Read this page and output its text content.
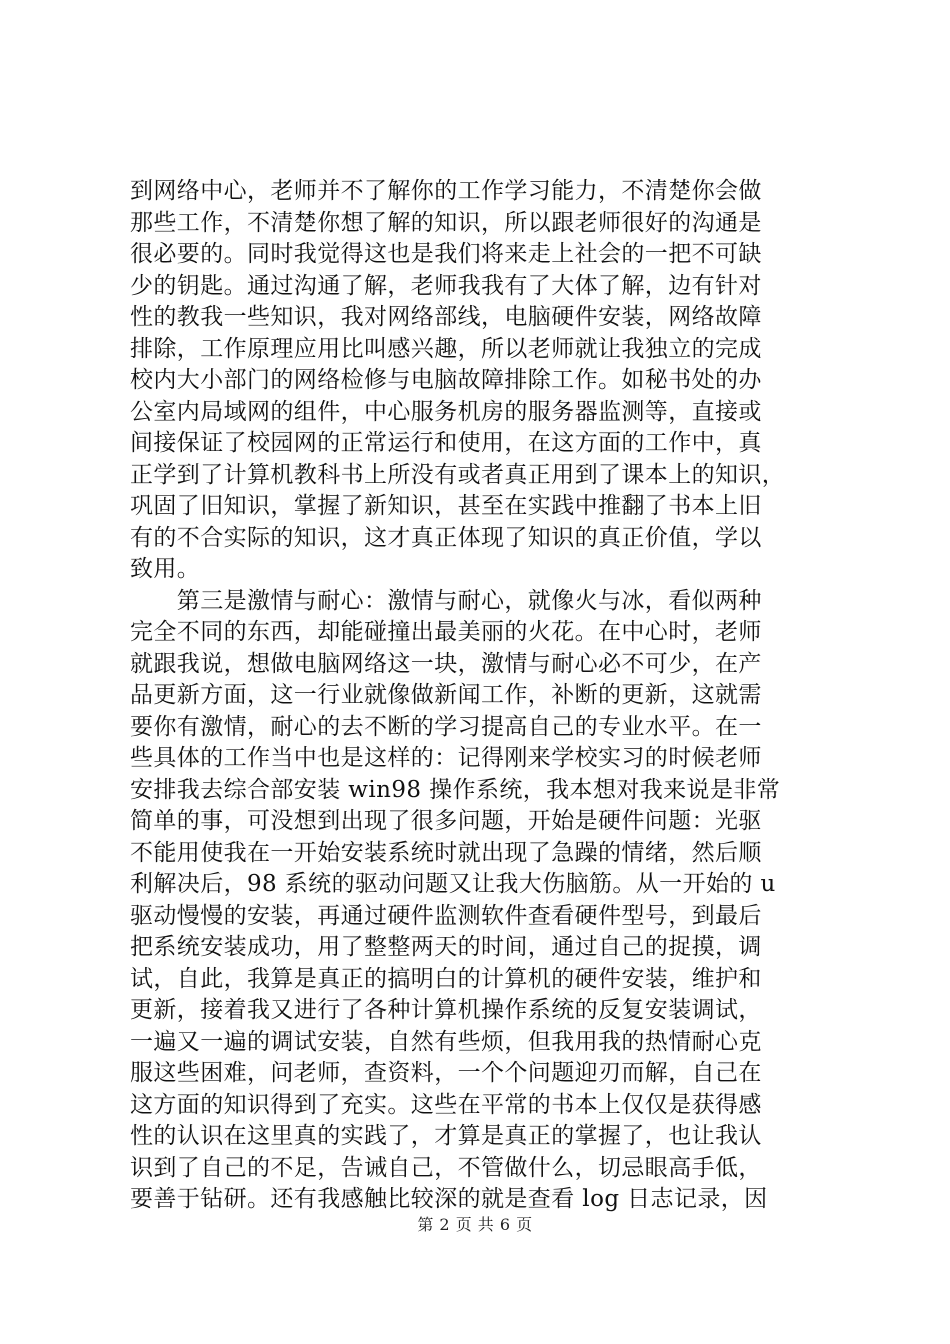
到网络中心，老师并不了解你的工作学习能力，不清楚你会做
那些工作，不清楚你想了解的知识，所以跟老师很好的沟通是
很必要的。同时我觉得这也是我们将来走上社会的一把不可缺
少的钥匙。通过沟通了解，老师我我有了大体了解，边有针对
性的教我一些知识，我对网络部线，电脑硬件安装，网络故障
排除，工作原理应用比叫感兴趣，所以老师就让我独立的完成
校内大小部门的网络检修与电脑故障排除工作。如秘书处的办
公室内局域网的组件，中心服务机房的服务器监测等，直接或
间接保证了校园网的正常运行和使用，在这方面的工作中，真
正学到了计算机教科书上所没有或者真正用到了课本上的知识，
巩固了旧知识，掌握了新知识，甚至在实践中推翻了书本上旧
有的不合实际的知识，这才真正体现了知识的真正价值，学以
致用。
　　第三是激情与耐心：激情与耐心，就像火与冰，看似两种
完全不同的东西，却能碰撞出最美丽的火花。在中心时，老师
就跟我说，想做电脑网络这一块，激情与耐心必不可少，在产
品更新方面，这一行业就像做新闻工作，补断的更新，这就需
要你有激情，耐心的去不断的学习提高自己的专业水平。在一
些具体的工作当中也是这样的：记得刚来学校实习的时候老师
安排我去综合部安装 win98 操作系统，我本想对我来说是非常
简单的事，可没想到出现了很多问题，开始是硬件问题：光驱
不能用使我在一开始安装系统时就出现了急躁的情绪，然后顺
利解决后，98 系统的驱动问题又让我大伤脑筋。从一开始的 u
驱动慢慢的安装，再通过硬件监测软件查看硬件型号，到最后
把系统安装成功，用了整整两天的时间，通过自己的捉摸，调
试，自此，我算是真正的搞明白的计算机的硬件安装，维护和
更新，接着我又进行了各种计算机操作系统的反复安装调试，
一遍又一遍的调试安装，自然有些烦，但我用我的热情耐心克
服这些困难，问老师，查资料，一个个问题迎刃而解，自己在
这方面的知识得到了充实。这些在平常的书本上仅仅是获得感
性的认识在这里真的实践了，才算是真正的掌握了，也让我认
识到了自己的不足，告诫自己，不管做什么，切忌眼高手低，
要善于钻研。还有我感触比较深的就是查看 log 日志记录，因
第 2 页 共 6 页
